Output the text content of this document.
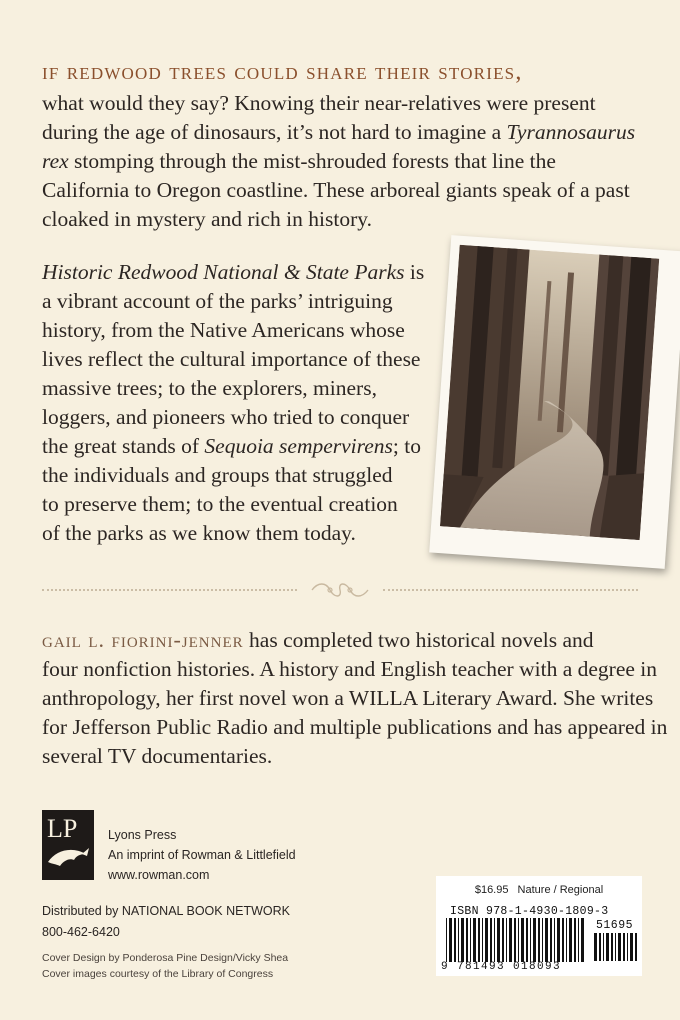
if redwood trees could share their stories,
what would they say? Knowing their near-relatives were present
during the age of dinosaurs, it’s not hard to imagine a Tyrannosaurus
rex stomping through the mist-shrouded forests that line the
California to Oregon coastline. These arboreal giants speak of a past
cloaked in mystery and rich in history.
Historic Redwood National & State Parks is
a vibrant account of the parks’ intriguing
history, from the Native Americans whose
lives reflect the cultural importance of these
massive trees; to the explorers, miners,
loggers, and pioneers who tried to conquer
the great stands of Sequoia sempervirens; to
the individuals and groups that struggled
to preserve them; to the eventual creation
of the parks as we know them today.
gail l. fiorini-jenner has completed two historical novels and
four nonfiction histories. A history and English teacher with a degree in
anthropology, her first novel won a WILLA Literary Award. She writes
for Jefferson Public Radio and multiple publications and has appeared in
several TV documentaries.
LP Lyons Press
An imprint of Rowman & Littlefield
www.rowman.com
Distributed by NATIONAL BOOK NETWORK
800-462-6420
Cover Design by Ponderosa Pine Design/Vicky Shea
Cover images courtesy of the Library of Congress
$16.95 Nature / Regional
ISBN 978-1-4930-1809-3
51695
9 781493 018093
